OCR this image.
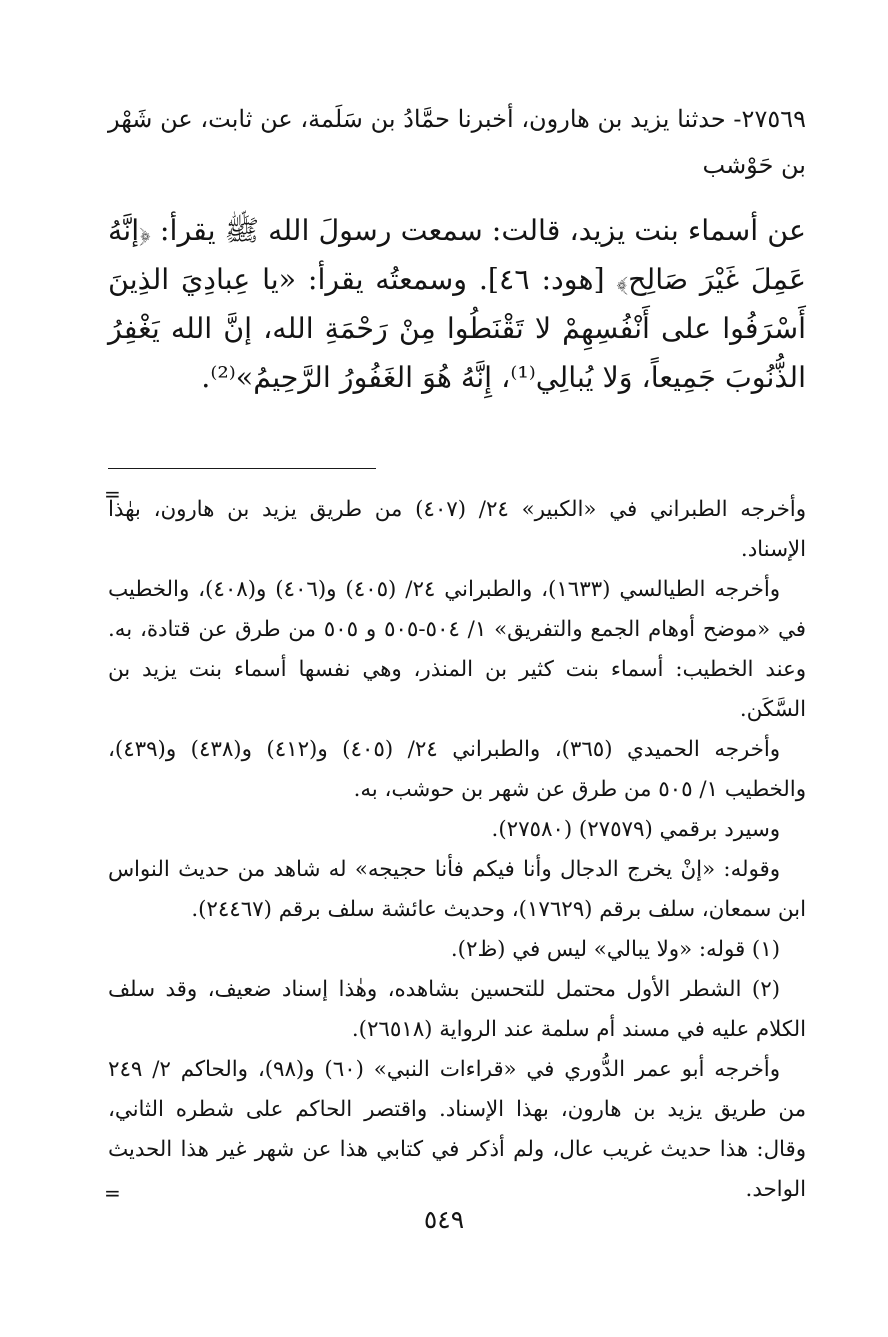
٢٧٥٦٩- حدثنا يزيد بن هارون، أخبرنا حمَّادُ بن سَلَمة، عن ثابت، عن شَهْر بن حَوْشب

عن أسماء بنت يزيد، قالت: سمعت رسولَ الله ﷺ يقرأ: ﴿إنَّهُ عَمِلَ غَيْرَ صَالِح﴾ [هود: ٤٦]. وسمعتُه يقرأ: «يا عِبادِيَ الذِينَ أَسْرَفُوا على أَنْفُسِهِمْ لا تَقْنَطُوا مِنْ رَحْمَةِ الله، إنَّ الله يَغْفِرُ الذُّنُوبَ جَمِيعاً، وَلا يُبالِي⁽¹⁾، إِنَّهُ هُوَ الغَفُورُ الرَّحِيمُ»⁽²⁾.

وأخرجه الطبراني في «الكبير» ٢٤/ (٤٠٧) من طريق يزيد بن هارون، بهٰذا الإسناد.

وأخرجه الطيالسي (١٦٣٣)، والطبراني ٢٤/ (٤٠٥) و(٤٠٦) و(٤٠٨)، والخطيب في «موضح أوهام الجمع والتفريق» ١/ ٥٠٤-٥٠٥ و ٥٠٥ من طرق عن قتادة، به. وعند الخطيب: أسماء بنت كثير بن المنذر، وهي نفسها أسماء بنت يزيد بن السَّكَن.

وأخرجه الحميدي (٣٦٥)، والطبراني ٢٤/ (٤٠٥) و(٤١٢) و(٤٣٨) و(٤٣٩)، والخطيب ١/ ٥٠٥ من طرق عن شهر بن حوشب، به.

وسيرد برقمي (٢٧٥٧٩) (٢٧٥٨٠).

وقوله: «إنْ يخرج الدجال وأنا فيكم فأنا حجيجه» له شاهد من حديث النواس ابن سمعان، سلف برقم (١٧٦٢٩)، وحديث عائشة سلف برقم (٢٤٤٦٧).

(١) قوله: «ولا يبالي» ليس في (ظ٢).

(٢) الشطر الأول محتمل للتحسين بشاهده، وهٰذا إسناد ضعيف، وقد سلف الكلام عليه في مسند أم سلمة عند الرواية (٢٦٥١٨).

وأخرجه أبو عمر الدُّوري في «قراءات النبي» (٦٠) و(٩٨)، والحاكم ٢/ ٢٤٩ من طريق يزيد بن هارون، بهذا الإسناد. واقتصر الحاكم على شطره الثاني، وقال: هذا حديث غريب عال، ولم أذكر في كتابي هذا عن شهر غير هذا الحديث الواحد.

=
=
٥٤٩
